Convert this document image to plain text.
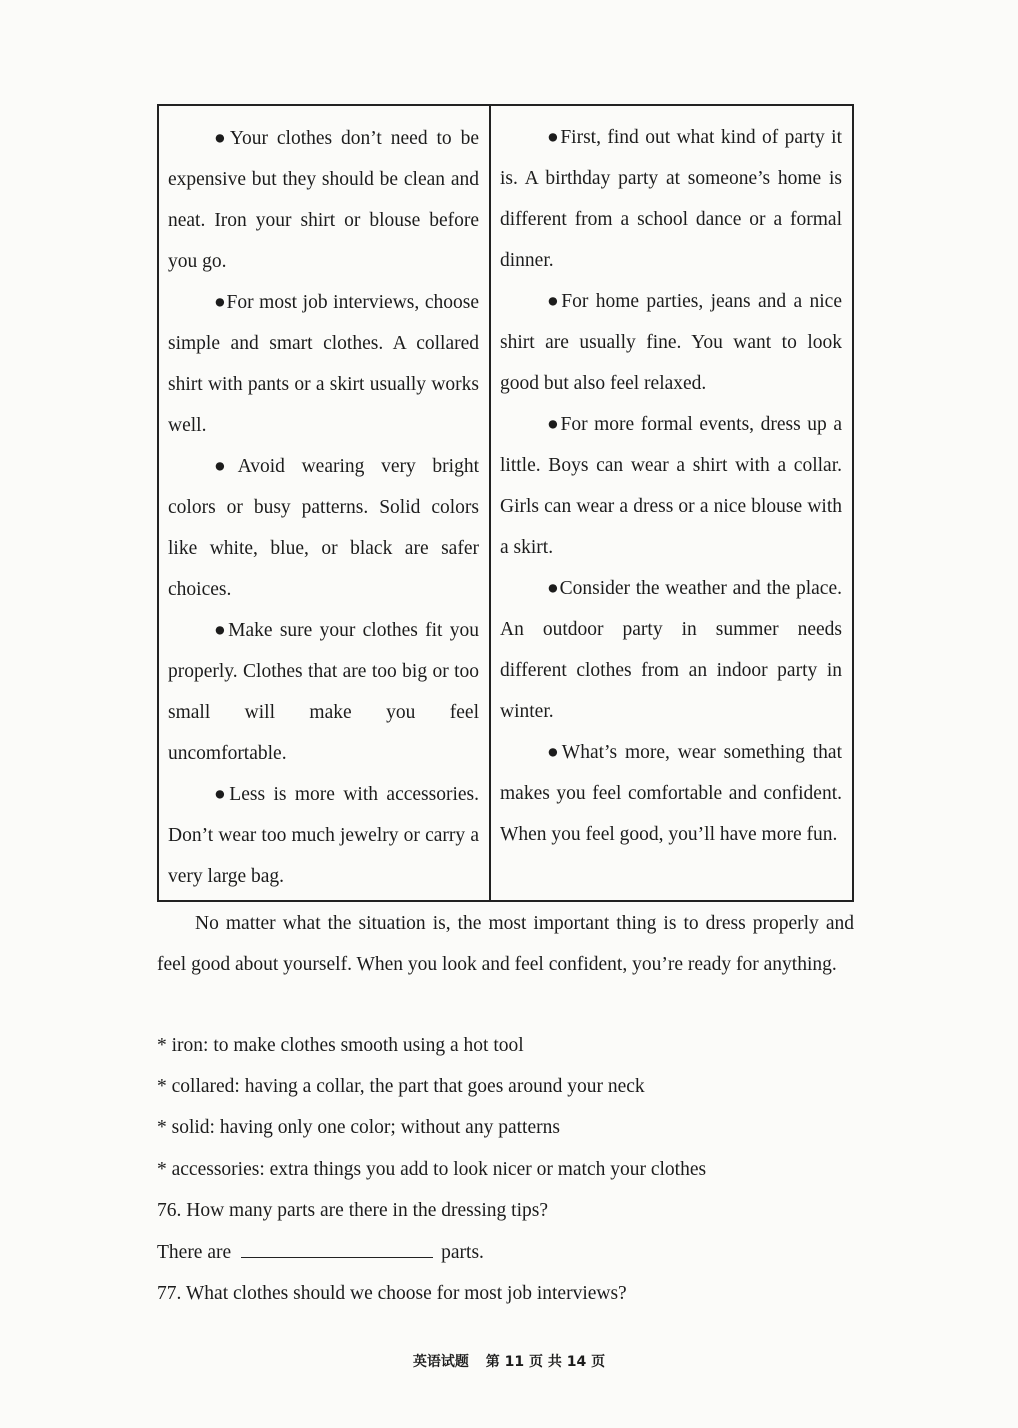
●Your clothes don’t need to be expensive but they should be clean and neat. Iron your shirt or blouse before you go.

●For most job interviews, choose simple and smart clothes. A collared shirt with pants or a skirt usually works well.

●Avoid wearing very bright colors or busy patterns. Solid colors like white, blue, or black are safer choices.

●Make sure your clothes fit you properly. Clothes that are too big or too small will make you feel uncomfortable.

●Less is more with accessories. Don’t wear too much jewelry or carry a very large bag.

●First, find out what kind of party it is. A birthday party at someone’s home is different from a school dance or a formal dinner.

●For home parties, jeans and a nice shirt are usually fine. You want to look good but also feel relaxed.

●For more formal events, dress up a little. Boys can wear a shirt with a collar. Girls can wear a dress or a nice blouse with a skirt.

●Consider the weather and the place. An outdoor party in summer needs different clothes from an indoor party in winter.

●What’s more, wear something that makes you feel comfortable and confident. When you feel good, you’ll have more fun.

No matter what the situation is, the most important thing is to dress properly and feel good about yourself. When you look and feel confident, you’re ready for anything.

* iron: to make clothes smooth using a hot tool

* collared: having a collar, the part that goes around your neck

* solid: having only one color; without any patterns

* accessories: extra things you add to look nicer or match your clothes

76. How many parts are there in the dressing tips?

There are	parts.

77. What clothes should we choose for most job interviews?

英语试题 第 11 页 共 14 页
